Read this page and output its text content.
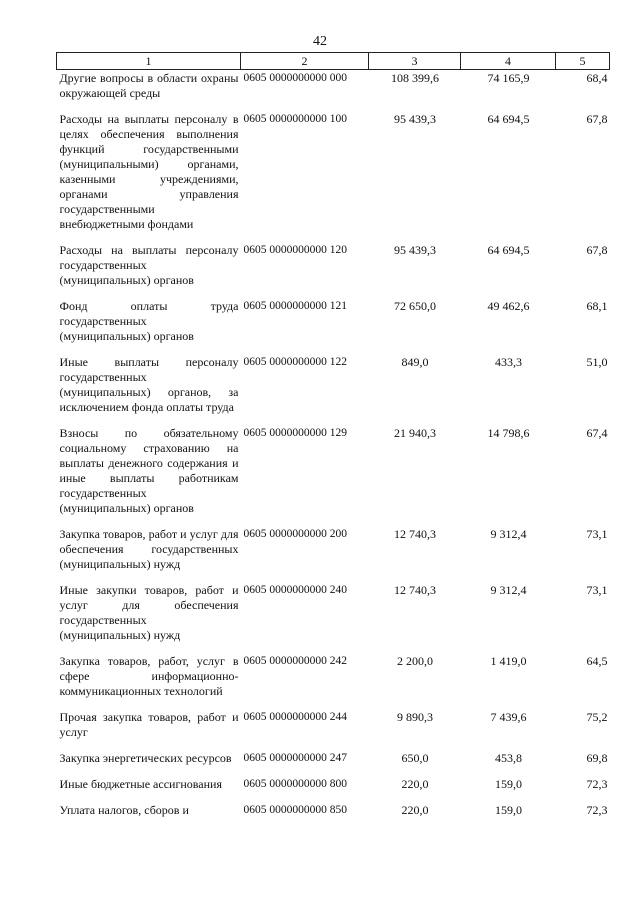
42
1	2	3	4	5
Другие вопросы в области охраны окружающей среды	0605 0000000000 000	108 399,6	74 165,9	68,4
Расходы на выплаты персоналу в целях обеспечения выполнения функций государственными (муниципальными) органами, казенными учреждениями, органами управления государственными внебюджетными фондами	0605 0000000000 100	95 439,3	64 694,5	67,8
Расходы на выплаты персоналу государственных (муниципальных) органов	0605 0000000000 120	95 439,3	64 694,5	67,8
Фонд оплаты труда государственных (муниципальных) органов	0605 0000000000 121	72 650,0	49 462,6	68,1
Иные выплаты персоналу государственных (муниципальных) органов, за исключением фонда оплаты труда	0605 0000000000 122	849,0	433,3	51,0
Взносы по обязательному социальному страхованию на выплаты денежного содержания и иные выплаты работникам государственных (муниципальных) органов	0605 0000000000 129	21 940,3	14 798,6	67,4
Закупка товаров, работ и услуг для обеспечения государственных (муниципальных) нужд	0605 0000000000 200	12 740,3	9 312,4	73,1
Иные закупки товаров, работ и услуг для обеспечения государственных (муниципальных) нужд	0605 0000000000 240	12 740,3	9 312,4	73,1
Закупка товаров, работ, услуг в сфере информационно-коммуникационных технологий	0605 0000000000 242	2 200,0	1 419,0	64,5
Прочая закупка товаров, работ и услуг	0605 0000000000 244	9 890,3	7 439,6	75,2
Закупка энергетических ресурсов	0605 0000000000 247	650,0	453,8	69,8
Иные бюджетные ассигнования	0605 0000000000 800	220,0	159,0	72,3
Уплата налогов, сборов и	0605 0000000000 850	220,0	159,0	72,3
